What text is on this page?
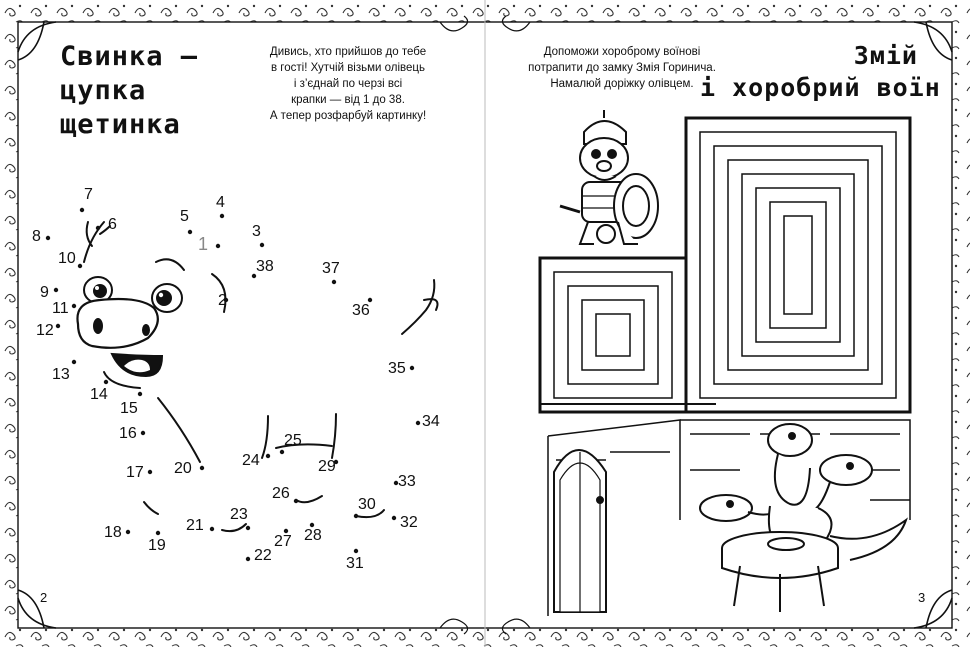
Свинка —
цупка
щетинка
Дивись, хто прийшов до тебе
в гості! Хутчій візьми олівець
і з’єднай по черзі всі
крапки — від 1 до 38.
А тепер розфарбуй картинку!
1
2
3
4
5
6
7
8
9
10
11
12
13
14
15
16
17
18
19
20
21
22
23
24
25
26
27 28
29
30
31
32
33
34
35
36
37
38
2
Допоможи хороброму воїнові
потрапити до замку Змія Горинича.
Намалюй доріжку олівцем.
Змій
і хоробрий воїн
3
